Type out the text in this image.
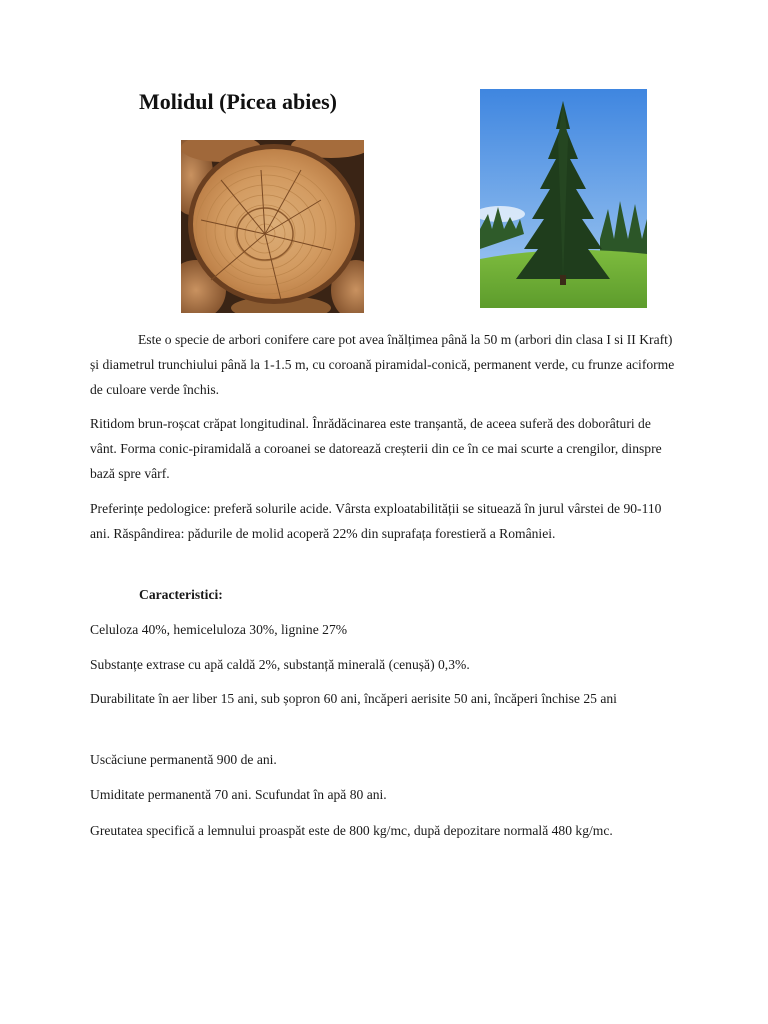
Molidul (Picea abies)

Este o specie de arbori conifere care pot avea înălțimea până la 50 m (arbori din clasa I si II Kraft) și diametrul trunchiului până la 1-1.5 m, cu coroană piramidal-conică, permanent verde, cu frunze aciforme de culoare verde închis.

Ritidom brun-roșcat crăpat longitudinal. Înrădăcinarea este tranșantă, de aceea suferă des doborâturi de vânt. Forma conic-piramidală a coroanei se datorează creșterii din ce în ce mai scurte a crengilor, dinspre bază spre vârf.

Preferințe pedologice: preferă solurile acide. Vârsta exploatabilității se situează în jurul vârstei de 90-110 ani. Răspândirea: pădurile de molid acoperă 22% din suprafața forestieră a României.

Caracteristici:

Celuloza 40%, hemiceluloza 30%, lignine 27%

Substanțe extrase cu apă caldă 2%, substanță minerală (cenușă) 0,3%.

Durabilitate în aer liber 15 ani, sub șopron 60 ani, încăperi aerisite 50 ani, încăperi închise 25 ani

Uscăciune permanentă 900 de ani.

Umiditate permanentă 70 ani. Scufundat în apă 80 ani.

Greutatea specifică a lemnului proaspăt este de 800 kg/mc, după depozitare normală 480 kg/mc.
